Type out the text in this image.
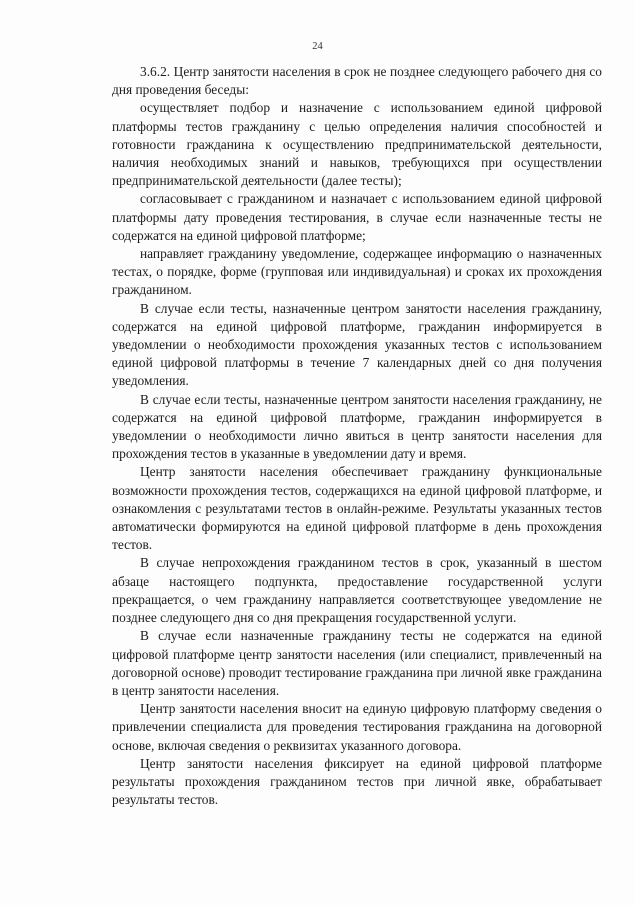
24

3.6.2. Центр занятости населения в срок не позднее следующего рабочего дня со дня проведения беседы:

осуществляет подбор и назначение с использованием единой цифровой платформы тестов гражданину с целью определения наличия способностей и готовности гражданина к осуществлению предпринимательской деятельности, наличия необходимых знаний и навыков, требующихся при осуществлении предпринимательской деятельности (далее тесты);

согласовывает с гражданином и назначает с использованием единой цифровой платформы дату проведения тестирования, в случае если назначенные тесты не содержатся на единой цифровой платформе;

направляет гражданину уведомление, содержащее информацию о назначенных тестах, о порядке, форме (групповая или индивидуальная) и сроках их прохождения гражданином.

В случае если тесты, назначенные центром занятости населения гражданину, содержатся на единой цифровой платформе, гражданин информируется в уведомлении о необходимости прохождения указанных тестов с использованием единой цифровой платформы в течение 7 календарных дней со дня получения уведомления.

В случае если тесты, назначенные центром занятости населения гражданину, не содержатся на единой цифровой платформе, гражданин информируется в уведомлении о необходимости лично явиться в центр занятости населения для прохождения тестов в указанные в уведомлении дату и время.

Центр занятости населения обеспечивает гражданину функциональные возможности прохождения тестов, содержащихся на единой цифровой платформе, и ознакомления с результатами тестов в онлайн-режиме. Результаты указанных тестов автоматически формируются на единой цифровой платформе в день прохождения тестов.

В случае непрохождения гражданином тестов в срок, указанный в шестом абзаце настоящего подпункта, предоставление государственной услуги прекращается, о чем гражданину направляется соответствующее уведомление не позднее следующего дня со дня прекращения государственной услуги.

В случае если назначенные гражданину тесты не содержатся на единой цифровой платформе центр занятости населения (или специалист, привлеченный на договорной основе) проводит тестирование гражданина при личной явке гражданина в центр занятости населения.

Центр занятости населения вносит на единую цифровую платформу сведения о привлечении специалиста для проведения тестирования гражданина на договорной основе, включая сведения о реквизитах указанного договора.

Центр занятости населения фиксирует на единой цифровой платформе результаты прохождения гражданином тестов при личной явке, обрабатывает результаты тестов.
